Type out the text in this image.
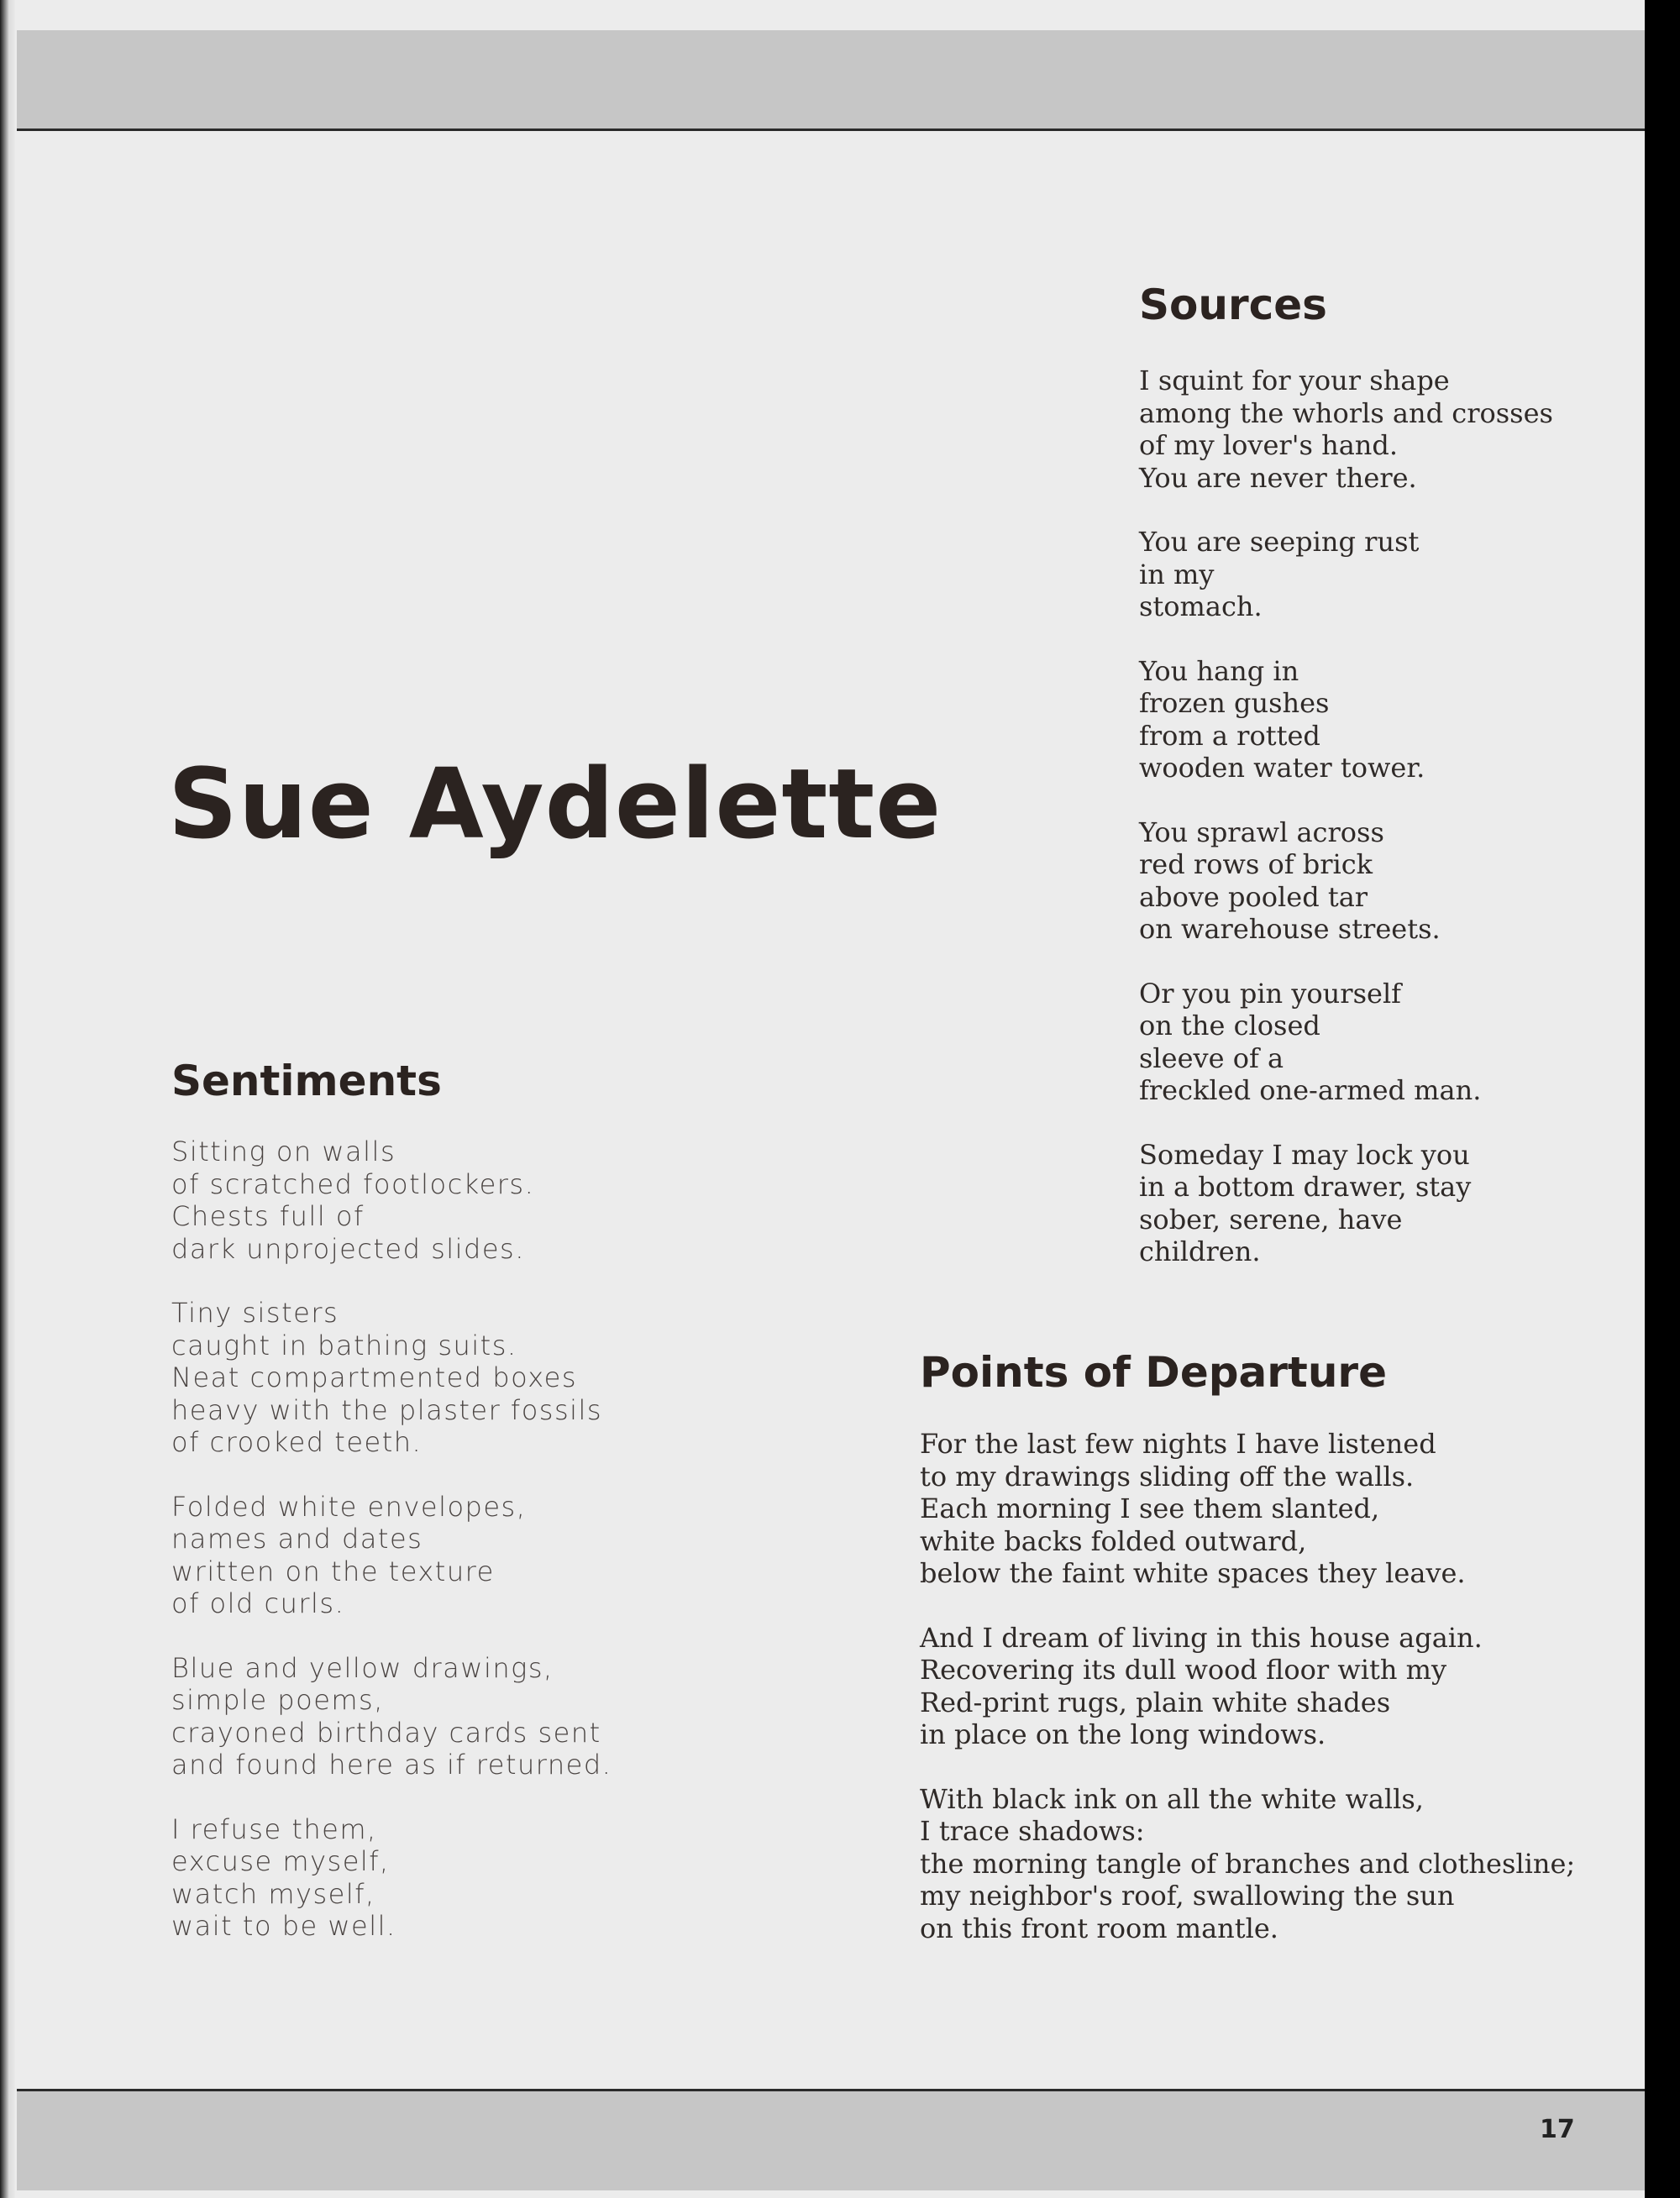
Sue Aydelette
Sources

I squint for your shape
among the whorls and crosses
of my lover's hand.
You are never there.

You are seeping rust
in my
stomach.

You hang in
frozen gushes
from a rotted
wooden water tower.

You sprawl across
red rows of brick
above pooled tar
on warehouse streets.

Or you pin yourself
on the closed
sleeve of a
freckled one-armed man.

Someday I may lock you
in a bottom drawer, stay
sober, serene, have
children.

Sentiments

Sitting on walls
of scratched footlockers.
Chests full of
dark unprojected slides.

Tiny sisters
caught in bathing suits.
Neat compartmented boxes
heavy with the plaster fossils
of crooked teeth.

Folded white envelopes,
names and dates
written on the texture
of old curls.

Blue and yellow drawings,
simple poems,
crayoned birthday cards sent
and found here as if returned.

I refuse them,
excuse myself,
watch myself,
wait to be well.

Points of Departure

For the last few nights I have listened
to my drawings sliding off the walls.
Each morning I see them slanted,
white backs folded outward,
below the faint white spaces they leave.

And I dream of living in this house again.
Recovering its dull wood floor with my
Red-print rugs, plain white shades
in place on the long windows.

With black ink on all the white walls,
I trace shadows:
the morning tangle of branches and clothesline;
my neighbor's roof, swallowing the sun
on this front room mantle.

17
